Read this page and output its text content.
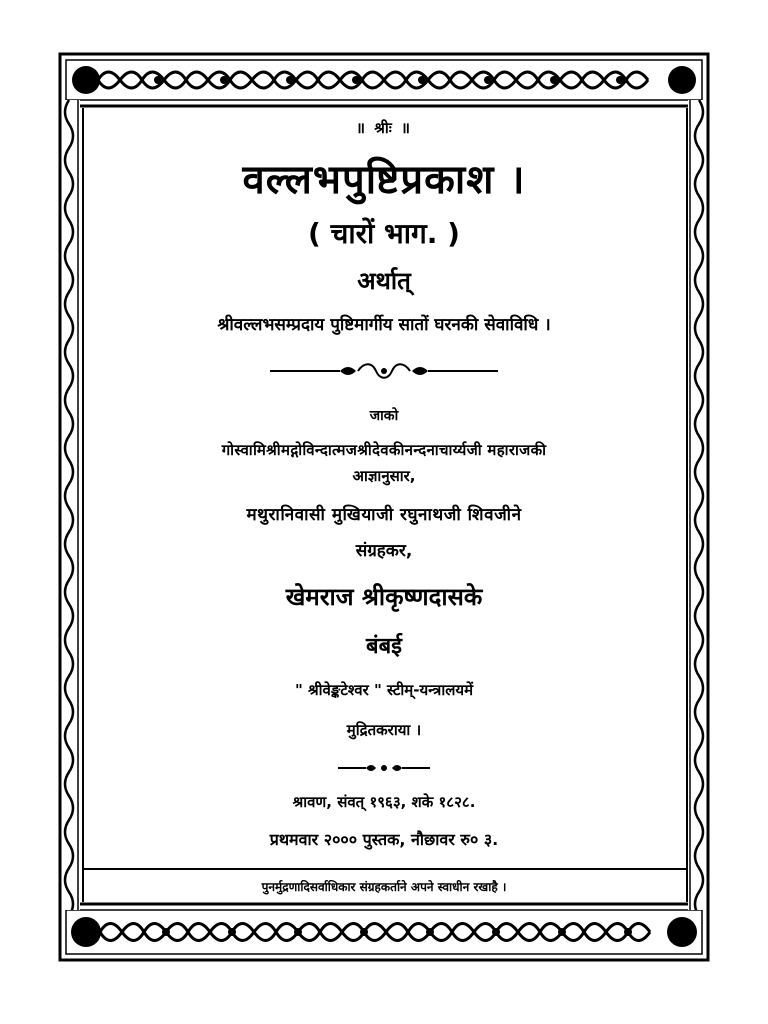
॥ श्रीः ॥
वल्लभपुष्टिप्रकाश ।
( चारों भाग. )
अर्थात्
श्रीवल्लभसम्प्रदाय पुष्टिमार्गीय सातों घरनकी सेवाविधि ।
जाको
गोस्वामिश्रीमद्गोविन्दात्मजश्रीदेवकीनन्दनाचार्य्यजी महाराजकी
आज्ञानुसार,
मथुरानिवासी मुखियाजी रघुनाथजी शिवजीने
संग्रहकर,
खेमराज श्रीकृष्णदासके
बंबई
" श्रीवेङ्कटेश्वर " स्टीम्-यन्त्रालयमें
मुद्रितकराया ।
श्रावण, संवत् १९६३, शके १८२८.
प्रथमवार २००० पुस्तक, नौछावर रु० ३.
पुनर्मुद्रणादिसर्वाधिकार संग्रहकर्ताने अपने स्वाधीन रखाहै ।
